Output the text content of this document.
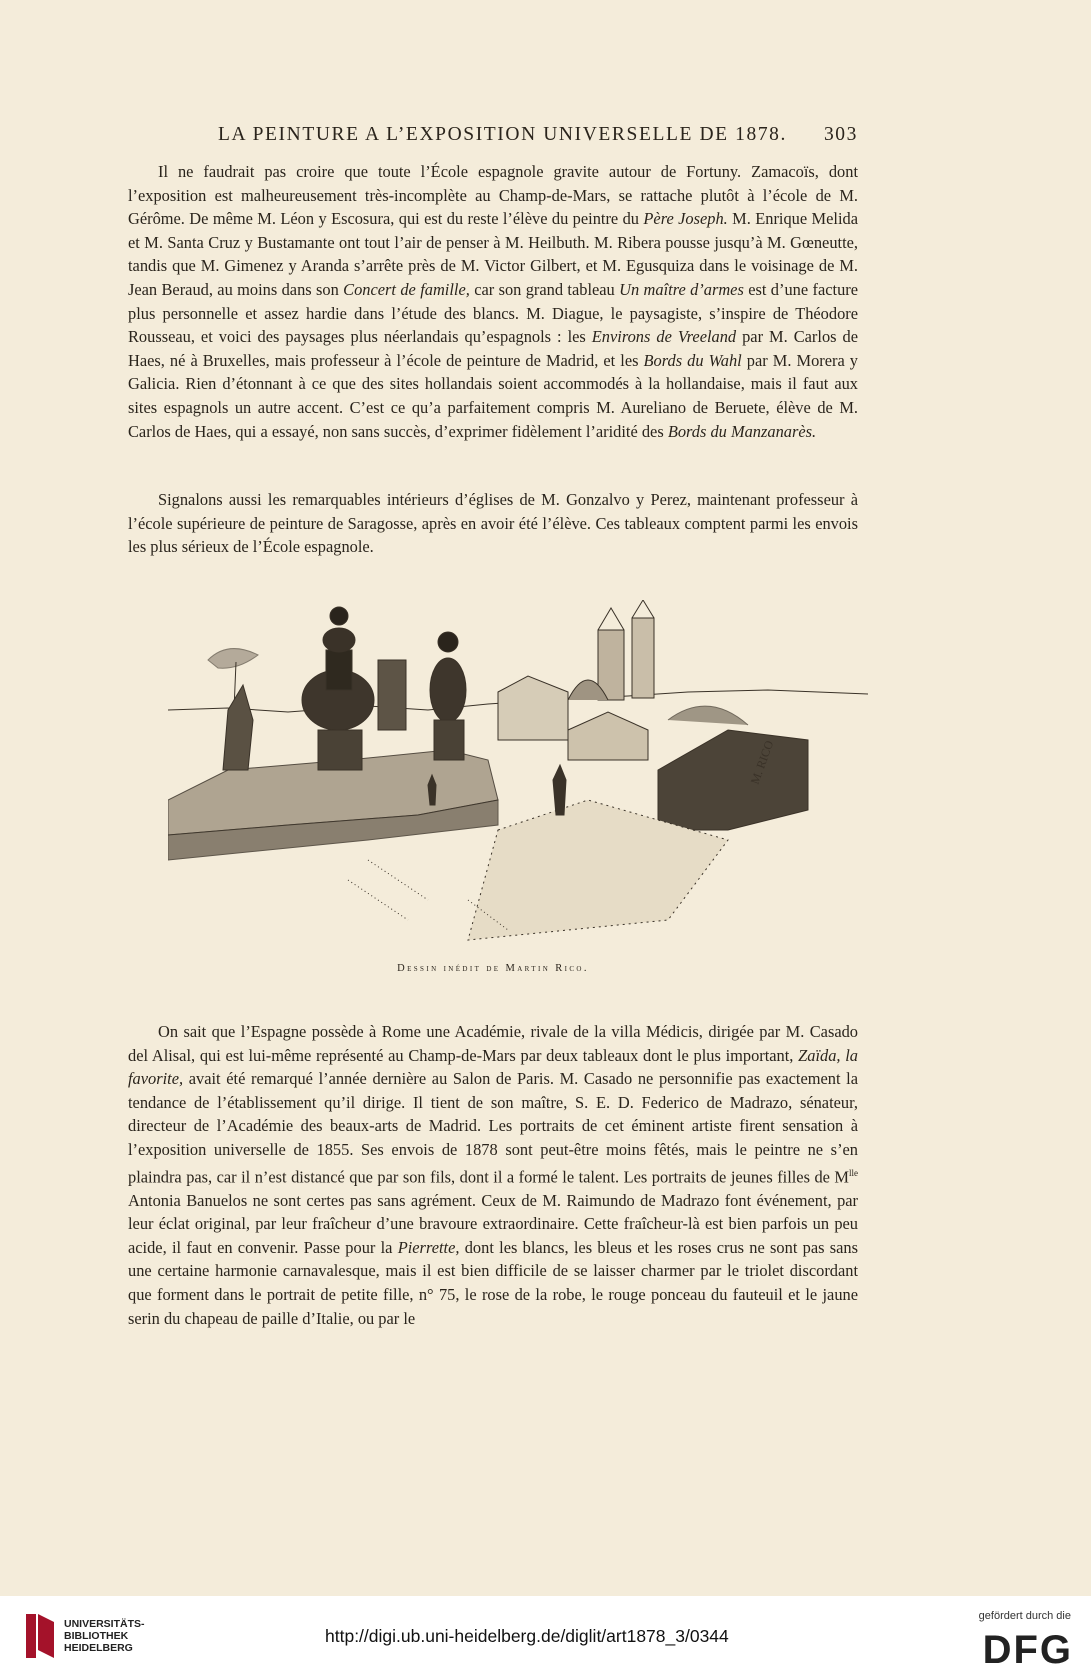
LA PEINTURE A L’EXPOSITION UNIVERSELLE DE 1878. 303

Il ne faudrait pas croire que toute l’École espagnole gravite autour de Fortuny. Zamacoïs, dont l’exposition est malheureusement très-incomplète au Champ-de-Mars, se rattache plutôt à l’école de M. Gérôme. De même M. Léon y Escosura, qui est du reste l’élève du peintre du Père Joseph. M. Enrique Melida et M. Santa Cruz y Bustamante ont tout l’air de penser à M. Heilbuth. M. Ribera pousse jusqu’à M. Gœneutte, tandis que M. Gimenez y Aranda s’arrête près de M. Victor Gilbert, et M. Egusquiza dans le voisinage de M. Jean Beraud, au moins dans son Concert de famille, car son grand tableau Un maître d’armes est d’une facture plus personnelle et assez hardie dans l’étude des blancs. M. Diague, le paysagiste, s’inspire de Théodore Rousseau, et voici des paysages plus néerlandais qu’espagnols : les Environs de Vreeland par M. Carlos de Haes, né à Bruxelles, mais professeur à l’école de peinture de Madrid, et les Bords du Wahl par M. Morera y Galicia. Rien d’étonnant à ce que des sites hollandais soient accommodés à la hollandaise, mais il faut aux sites espagnols un autre accent. C’est ce qu’a parfaitement compris M. Aureliano de Beruete, élève de M. Carlos de Haes, qui a essayé, non sans succès, d’exprimer fidèlement l’aridité des Bords du Manzanarès.

Signalons aussi les remarquables intérieurs d’églises de M. Gonzalvo y Perez, maintenant professeur à l’école supérieure de peinture de Saragosse, après en avoir été l’élève. Ces tableaux comptent parmi les envois les plus sérieux de l’École espagnole.

M. RICO
Dessin inédit de Martin Rico.

On sait que l’Espagne possède à Rome une Académie, rivale de la villa Médicis, dirigée par M. Casado del Alisal, qui est lui-même représenté au Champ-de-Mars par deux tableaux dont le plus important, Zaïda, la favorite, avait été remarqué l’année dernière au Salon de Paris. M. Casado ne personnifie pas exactement la tendance de l’établissement qu’il dirige. Il tient de son maître, S. E. D. Federico de Madrazo, sénateur, directeur de l’Académie des beaux-arts de Madrid. Les portraits de cet éminent artiste firent sensation à l’exposition universelle de 1855. Ses envois de 1878 sont peut-être moins fêtés, mais le peintre ne s’en plaindra pas, car il n’est distancé que par son fils, dont il a formé le talent. Les portraits de jeunes filles de $M^{lle}$ Antonia Banuelos ne sont certes pas sans agrément. Ceux de M. Raimundo de Madrazo font événement, par leur éclat original, par leur fraîcheur d’une bravoure extraordinaire. Cette fraîcheur-là est bien parfois un peu acide, il faut en convenir. Passe pour la Pierrette, dont les blancs, les bleus et les roses crus ne sont pas sans une certaine harmonie carnavalesque, mais il est bien difficile de se laisser charmer par le triolet discordant que forment dans le portrait de petite fille, n° 75, le rose de la robe, le rouge ponceau du fauteuil et le jaune serin du chapeau de paille d’Italie, ou par le

UNIVERSITÄTS-
BIBLIOTHEK
HEIDELBERG
http://digi.ub.uni-heidelberg.de/diglit/art1878_3/0344
gefördert durch die
DFG
